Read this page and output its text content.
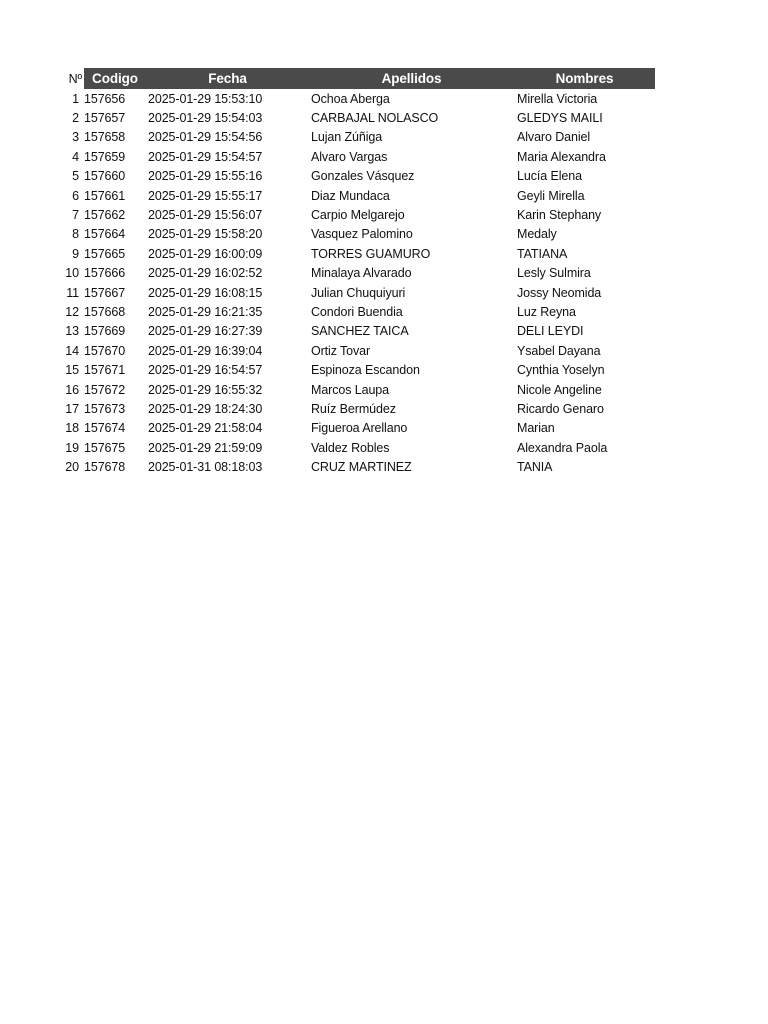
Nº	Codigo	Fecha	Apellidos	Nombres
1	157656	2025-01-29 15:53:10	Ochoa Aberga	Mirella Victoria
2	157657	2025-01-29 15:54:03	CARBAJAL NOLASCO	GLEDYS MAILI
3	157658	2025-01-29 15:54:56	Lujan Zúñiga	Alvaro Daniel
4	157659	2025-01-29 15:54:57	Alvaro Vargas	Maria Alexandra
5	157660	2025-01-29 15:55:16	Gonzales Vásquez	Lucía Elena
6	157661	2025-01-29 15:55:17	Diaz Mundaca	Geyli Mirella
7	157662	2025-01-29 15:56:07	Carpio Melgarejo	Karin Stephany
8	157664	2025-01-29 15:58:20	Vasquez Palomino	Medaly
9	157665	2025-01-29 16:00:09	TORRES GUAMURO	TATIANA
10	157666	2025-01-29 16:02:52	Minalaya Alvarado	Lesly Sulmira
11	157667	2025-01-29 16:08:15	Julian Chuquiyuri	Jossy Neomida
12	157668	2025-01-29 16:21:35	Condori Buendia	Luz Reyna
13	157669	2025-01-29 16:27:39	SANCHEZ TAICA	DELI LEYDI
14	157670	2025-01-29 16:39:04	Ortiz Tovar	Ysabel Dayana
15	157671	2025-01-29 16:54:57	Espinoza Escandon	Cynthia Yoselyn
16	157672	2025-01-29 16:55:32	Marcos Laupa	Nicole Angeline
17	157673	2025-01-29 18:24:30	Ruíz Bermúdez	Ricardo Genaro
18	157674	2025-01-29 21:58:04	Figueroa Arellano	Marian
19	157675	2025-01-29 21:59:09	Valdez Robles	Alexandra Paola
20	157678	2025-01-31 08:18:03	CRUZ MARTINEZ	TANIA
